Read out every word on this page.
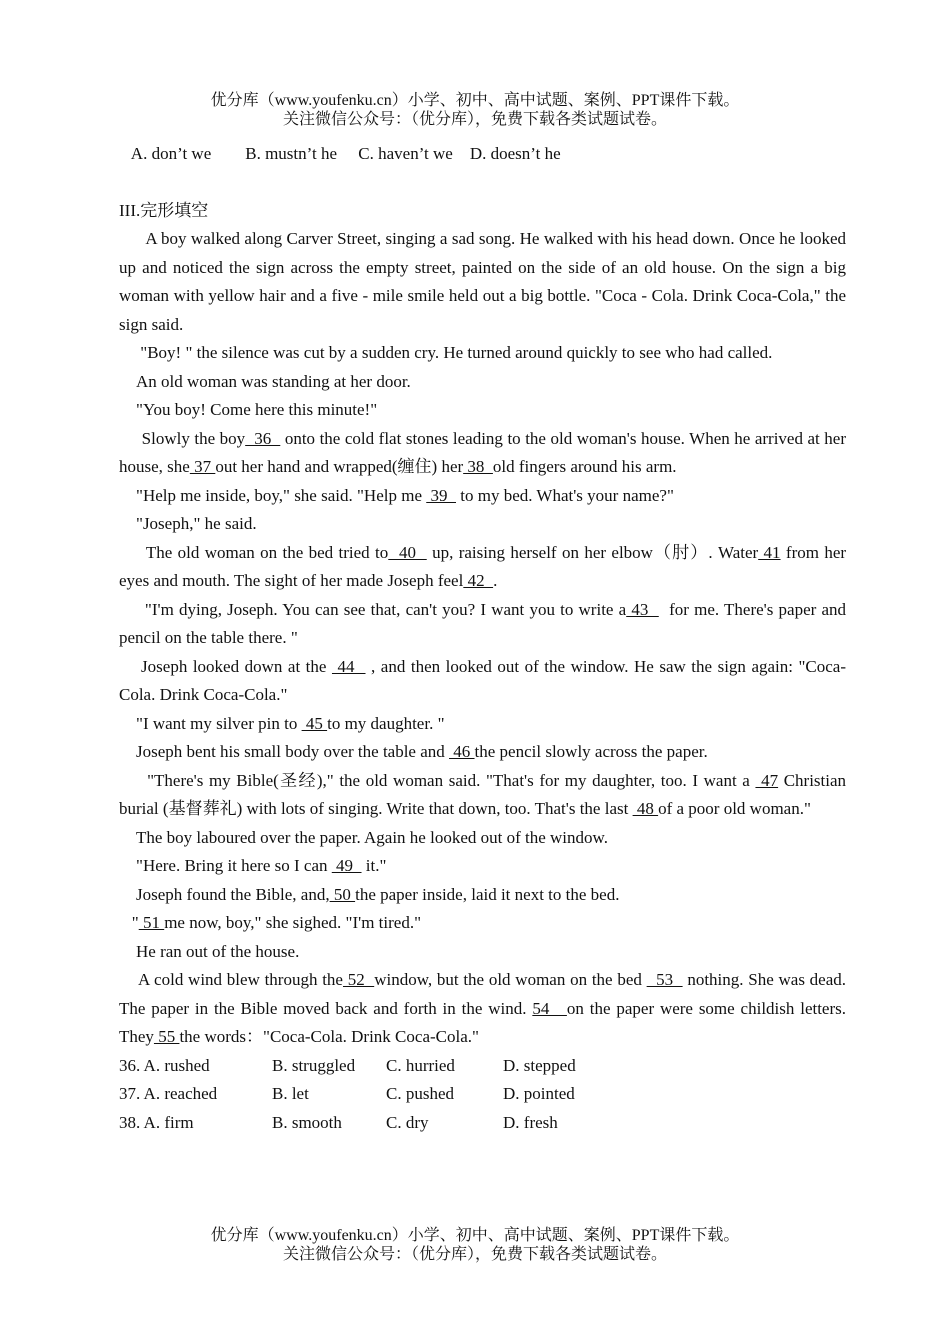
优分库（www.youfenku.cn）小学、初中、高中试题、案例、PPT课件下载。
关注微信公众号：（优分库），免费下载各类试题试卷。
A. don’t we        B. mustn’t he     C. haven’t we    D. doesn’t he
III.完形填空

A boy walked along Carver Street, singing a sad song. He walked with his head down. Once he looked up and noticed the sign across the empty street, painted on the side of an old house. On the sign a big woman with yellow hair and a five - mile smile held out a big bottle. "Coca - Cola. Drink Coca-Cola," the sign said.

"Boy! " the silence was cut by a sudden cry. He turned around quickly to see who had called.

An old woman was standing at her door.

"You boy! Come here this minute!"

Slowly the boy  36   onto the cold flat stones leading to the old woman's house. When he arrived at her house, she 37 out her hand and wrapped(缠住) her 38  old fingers around his arm.

"Help me inside, boy," she said. "Help me  39   to my bed. What's your name?"

"Joseph," he said.

The old woman on the bed tried to  40   up, raising herself on her elbow（肘）. Water 41 from her eyes and mouth. The sight of her made Joseph feel 42  .

"I'm dying, Joseph. You can see that, can't you? I want you to write a 43    for me. There's paper and pencil on the table there. "

Joseph looked down at the  44   , and then looked out of the window. He saw the sign again: "Coca-Cola. Drink Coca-Cola."

"I want my silver pin to  45 to my daughter. "

Joseph bent his small body over the table and  46 the pencil slowly across the paper.

"There's my Bible(圣经)," the old woman said. "That's for my daughter, too. I want a  47 Christian burial (基督葬礼) with lots of singing. Write that down, too. That's the last  48 of a poor old woman."

The boy laboured over the paper. Again he looked out of the window.

"Here. Bring it here so I can  49   it."

Joseph found the Bible, and, 50 the paper inside, laid it next to the bed.

" 51 me now, boy," she sighed. "I'm tired."

He ran out of the house.

A cold wind blew through the 52  window, but the old woman on the bed   53   nothing. She was dead. The paper in the Bible moved back and forth in the wind. 54   on the paper were some childish letters. They 55 the words："Coca-Cola. Drink Coca-Cola."

36. A. rushed	B. struggled	C. hurried	D. stepped
37. A. reached	B. let	C. pushed	D. pointed
38. A. firm	B. smooth	C. dry	D. fresh
优分库（www.youfenku.cn）小学、初中、高中试题、案例、PPT课件下载。
关注微信公众号：（优分库），免费下载各类试题试卷。
